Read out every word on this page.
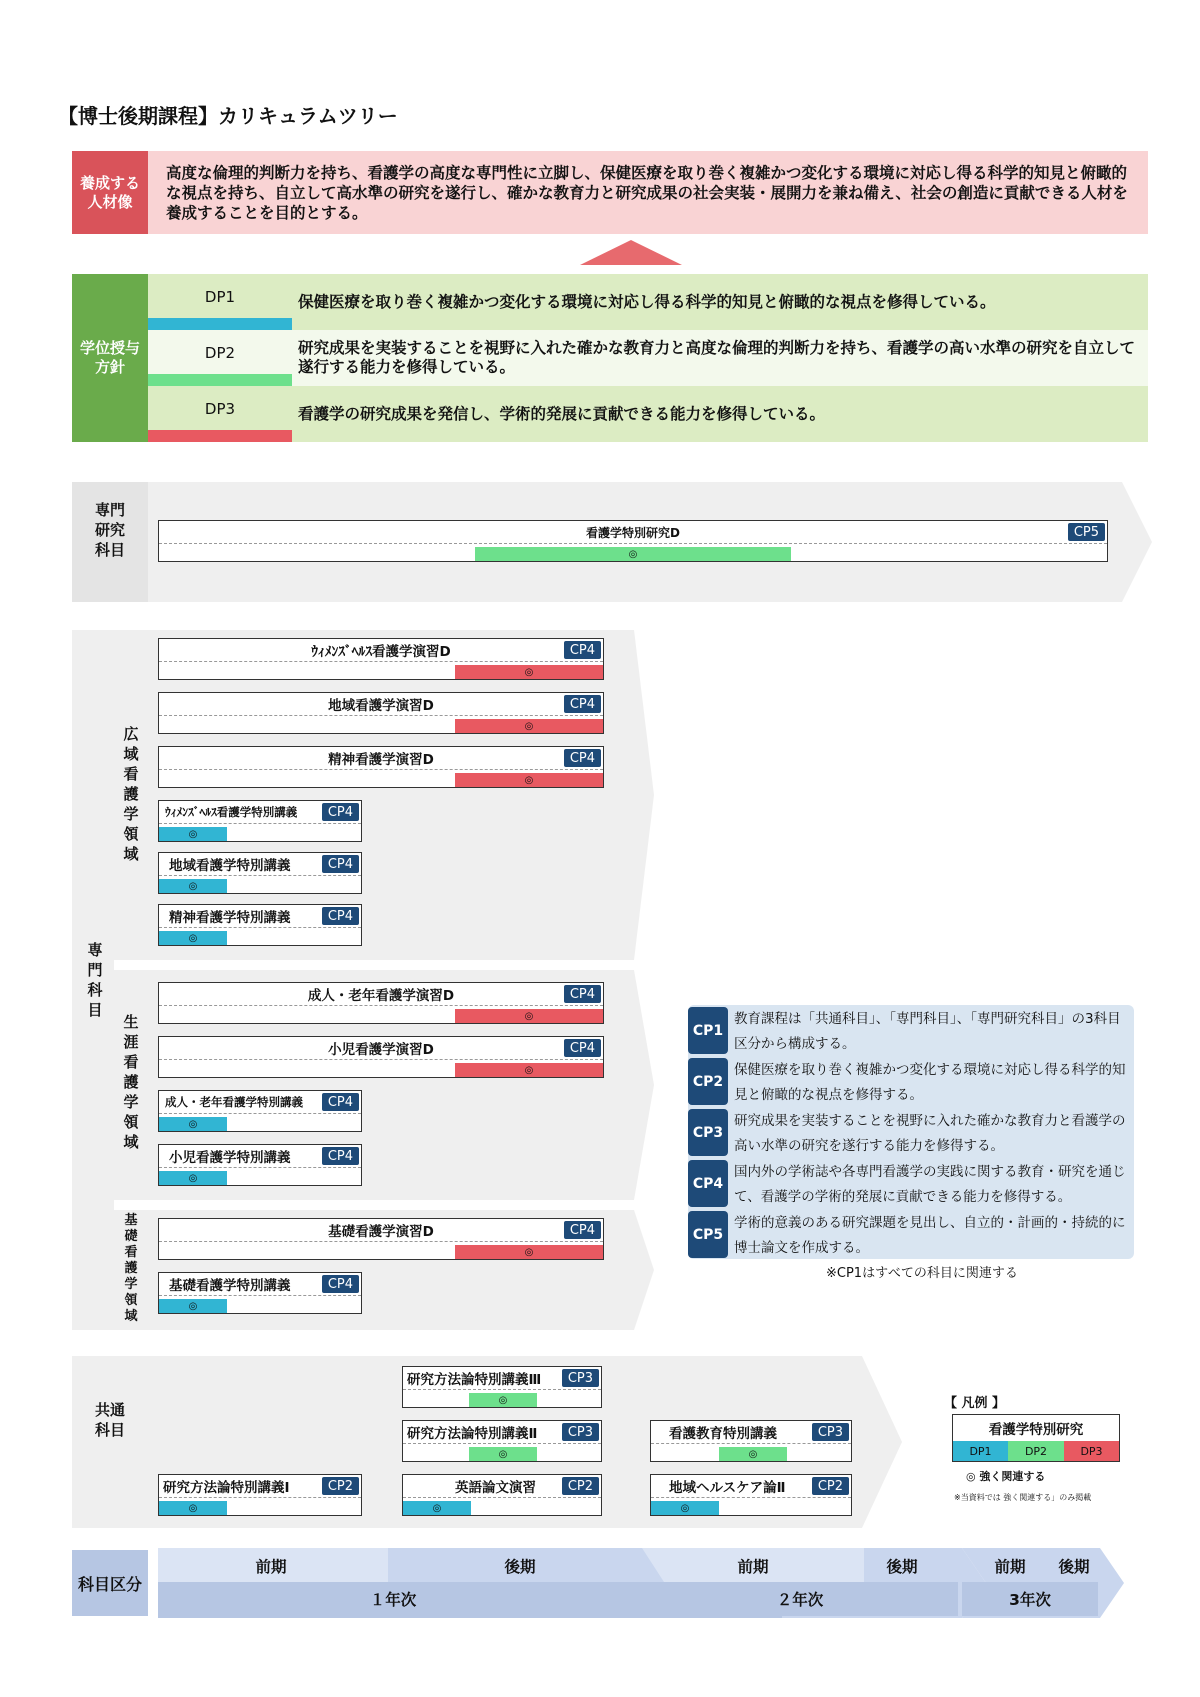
【博士後期課程】カリキュラムツリー
養成する人材像
高度な倫理的判断力を持ち、看護学の高度な専門性に立脚し、保健医療を取り巻く複雑かつ変化する環境に対応し得る科学的知見と俯瞰的な視点を持ち、自立して高水準の研究を遂行し、確かな教育力と研究成果の社会実装・展開力を兼ね備え、社会の創造に貢献できる人材を養成することを目的とする。
学位授与方針
DP1	保健医療を取り巻く複雑かつ変化する環境に対応し得る科学的知見と俯瞰的な視点を修得している。
DP2	研究成果を実装することを視野に入れた確かな教育力と高度な倫理的判断力を持ち、看護学の高い水準の研究を自立して遂行する能力を修得している。
DP3	看護学の研究成果を発信し、学術的発展に貢献できる能力を修得している。
専門研究科目
看護学特別研究D	CP5
◎
専門科目
広域看護学領域
ｳｨﾒﾝｽﾞﾍﾙｽ看護学演習D	CP4
◎
地域看護学演習D	CP4
◎
精神看護学演習D	CP4
◎
ｳｨﾒﾝｽﾞﾍﾙｽ看護学特別講義	CP4
◎
地域看護学特別講義	CP4
◎
精神看護学特別講義	CP4
◎
生涯看護学領域
成人・老年看護学演習D	CP4
◎
小児看護学演習D	CP4
◎
成人・老年看護学特別講義	CP4
◎
小児看護学特別講義	CP4
◎
基礎看護学領域
基礎看護学演習D	CP4
◎
基礎看護学特別講義	CP4
◎
CP1
教育課程は「共通科目」、「専門科目」、「専門研究科目」の3科目区分から構成する。
CP2
保健医療を取り巻く複雑かつ変化する環境に対応し得る科学的知見と俯瞰的な視点を修得する。
CP3
研究成果を実装することを視野に入れた確かな教育力と看護学の高い水準の研究を遂行する能力を修得する。
CP4
国内外の学術誌や各専門看護学の実践に関する教育・研究を通じて、看護学の学術的発展に貢献できる能力を修得する。
CP5
学術的意義のある研究課題を見出し、自立的・計画的・持続的に博士論文を作成する。
※CP1はすべての科目に関連する
共通科目
研究方法論特別講義Ⅲ	CP3
◎
研究方法論特別講義Ⅱ	CP3
◎
看護教育特別講義	CP3
◎
研究方法論特別講義Ⅰ	CP2
◎
英語論文演習	CP2
◎
地域ヘルスケア論Ⅱ	CP2
◎
【 凡例 】
看護学特別研究
DP1	DP2	DP3
◎ 強く関連する
※当資料では 強く関連する」のみ掲載
科目区分
前期	後期
１年次
前期	後期
２年次
前期	後期
3年次
